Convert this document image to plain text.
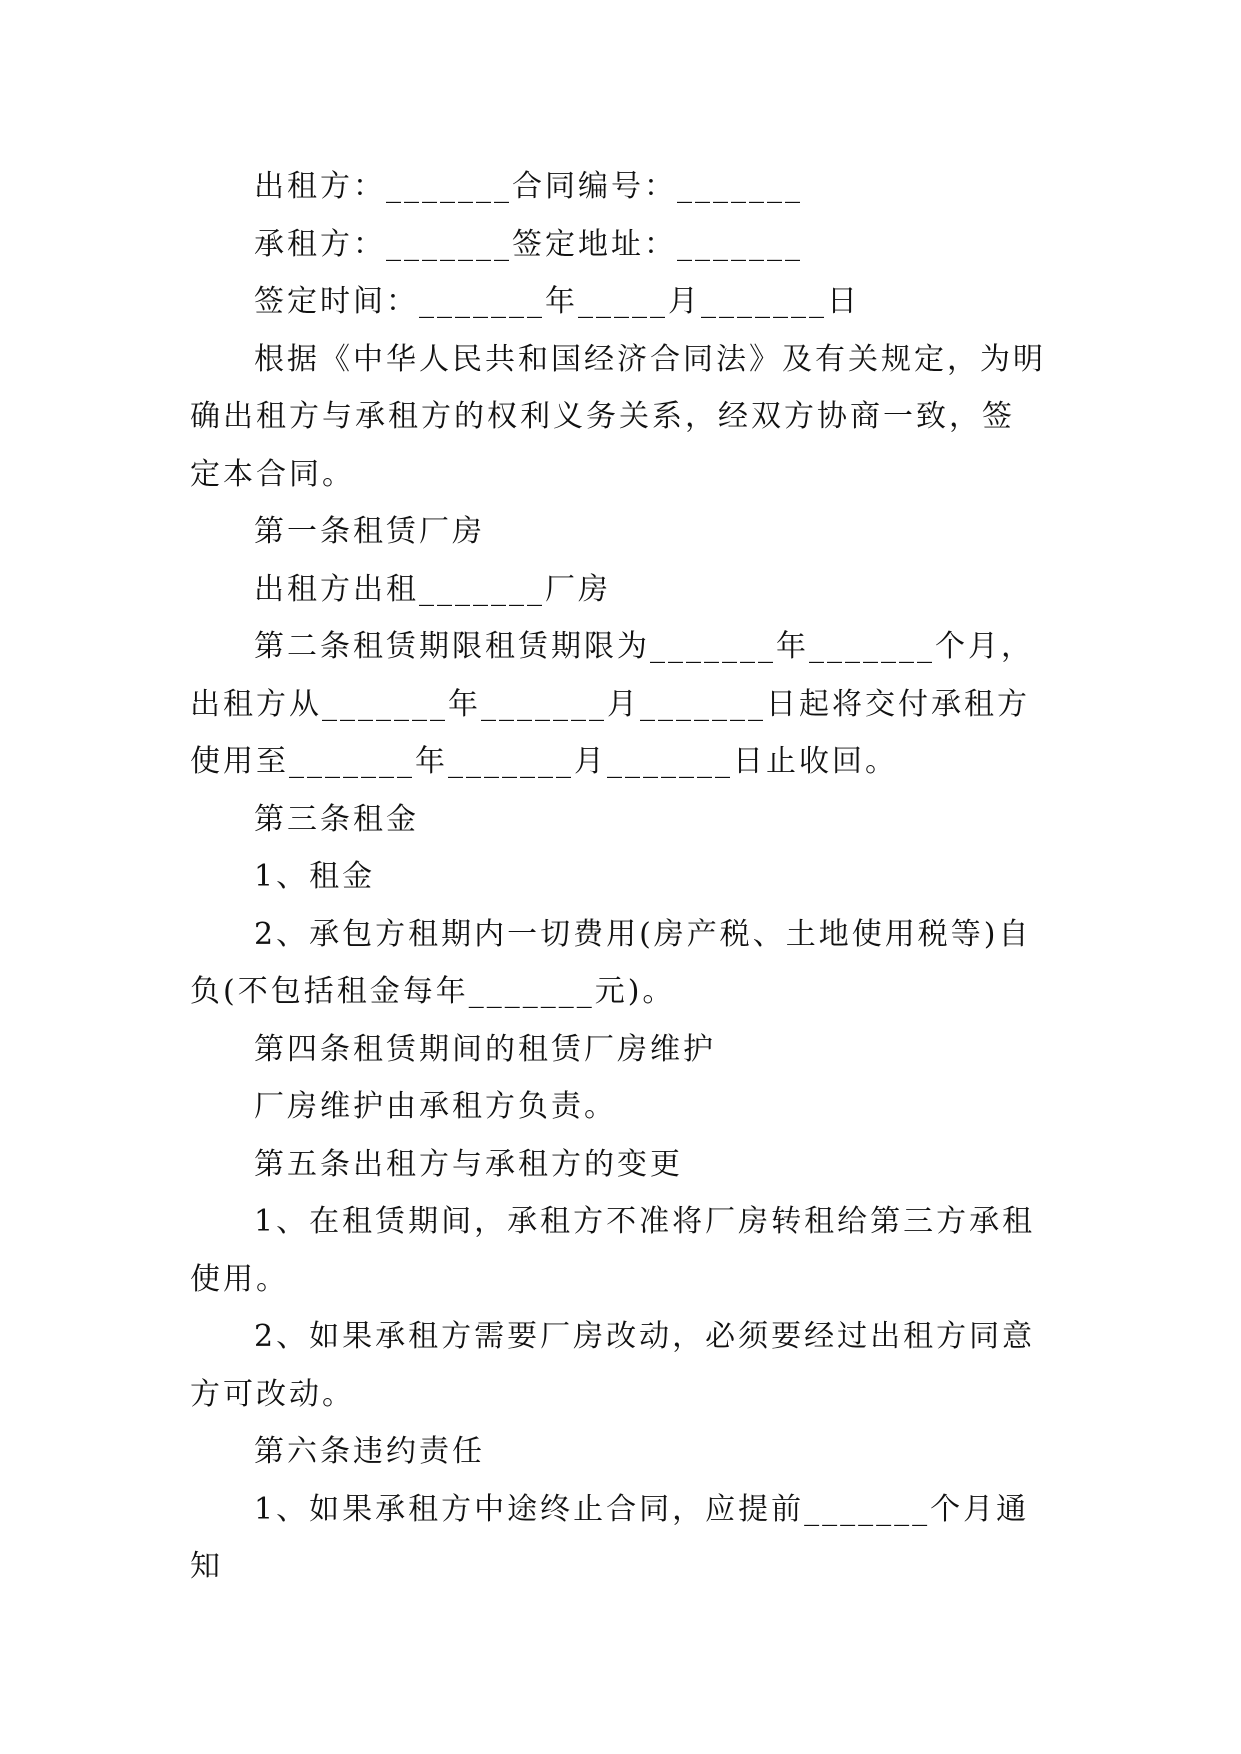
出租方：_______合同编号：_______

承租方：_______签定地址：_______

签定时间：_______年_____月_______日

根据《中华人民共和国经济合同法》及有关规定，为明确出租方与承租方的权利义务关系，经双方协商一致，签定本合同。

第一条租赁厂房

出租方出租_______厂房

第二条租赁期限租赁期限为_______年_______个月，出租方从_______年_______月_______日起将交付承租方使用至_______年_______月_______日止收回。

第三条租金

1、租金

2、承包方租期内一切费用(房产税、土地使用税等)自负(不包括租金每年_______元)。

第四条租赁期间的租赁厂房维护

厂房维护由承租方负责。

第五条出租方与承租方的变更

1、在租赁期间，承租方不准将厂房转租给第三方承租使用。

2、如果承租方需要厂房改动，必须要经过出租方同意方可改动。

第六条违约责任

1、如果承租方中途终止合同，应提前_______个月通知
